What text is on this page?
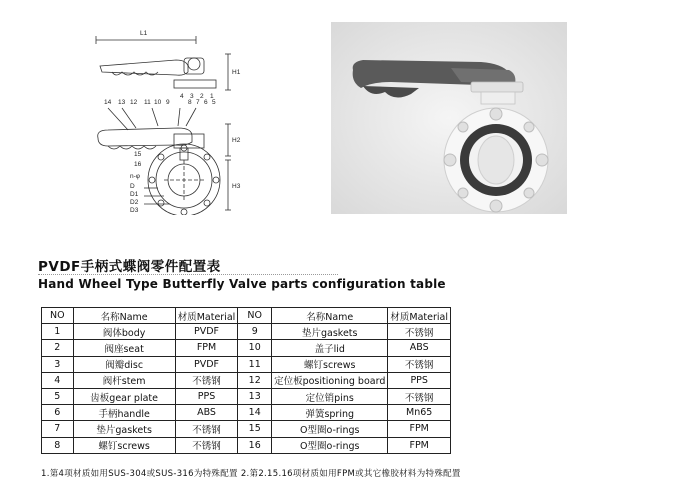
L1
H1
H2
H3
D
D1
D2
D3
n-φ
14 13 12 11 10 9	8 7 6 5
4 3 2 1
15
16
PVDF手柄式蝶阀零件配置表
Hand Wheel Type Butterfly Valve parts configuration table
NO	名称Name	材质Material	NO	名称Name	材质Material
1	阀体body	PVDF	9	垫片gaskets	不锈钢
2	阀座seat	FPM	10	盖子lid	ABS
3	阀瓣disc	PVDF	11	螺钉screws	不锈钢
4	阀杆stem	不锈钢	12	定位板positioning board	PPS
5	齿板gear plate	PPS	13	定位销pins	不锈钢
6	手柄handle	ABS	14	弹簧spring	Mn65
7	垫片gaskets	不锈钢	15	O型圈o-rings	FPM
8	螺钉screws	不锈钢	16	O型圈o-rings	FPM
1.第4项材质如用SUS-304或SUS-316为特殊配置 2.第2.15.16项材质如用FPM或其它橡胶材料为特殊配置
